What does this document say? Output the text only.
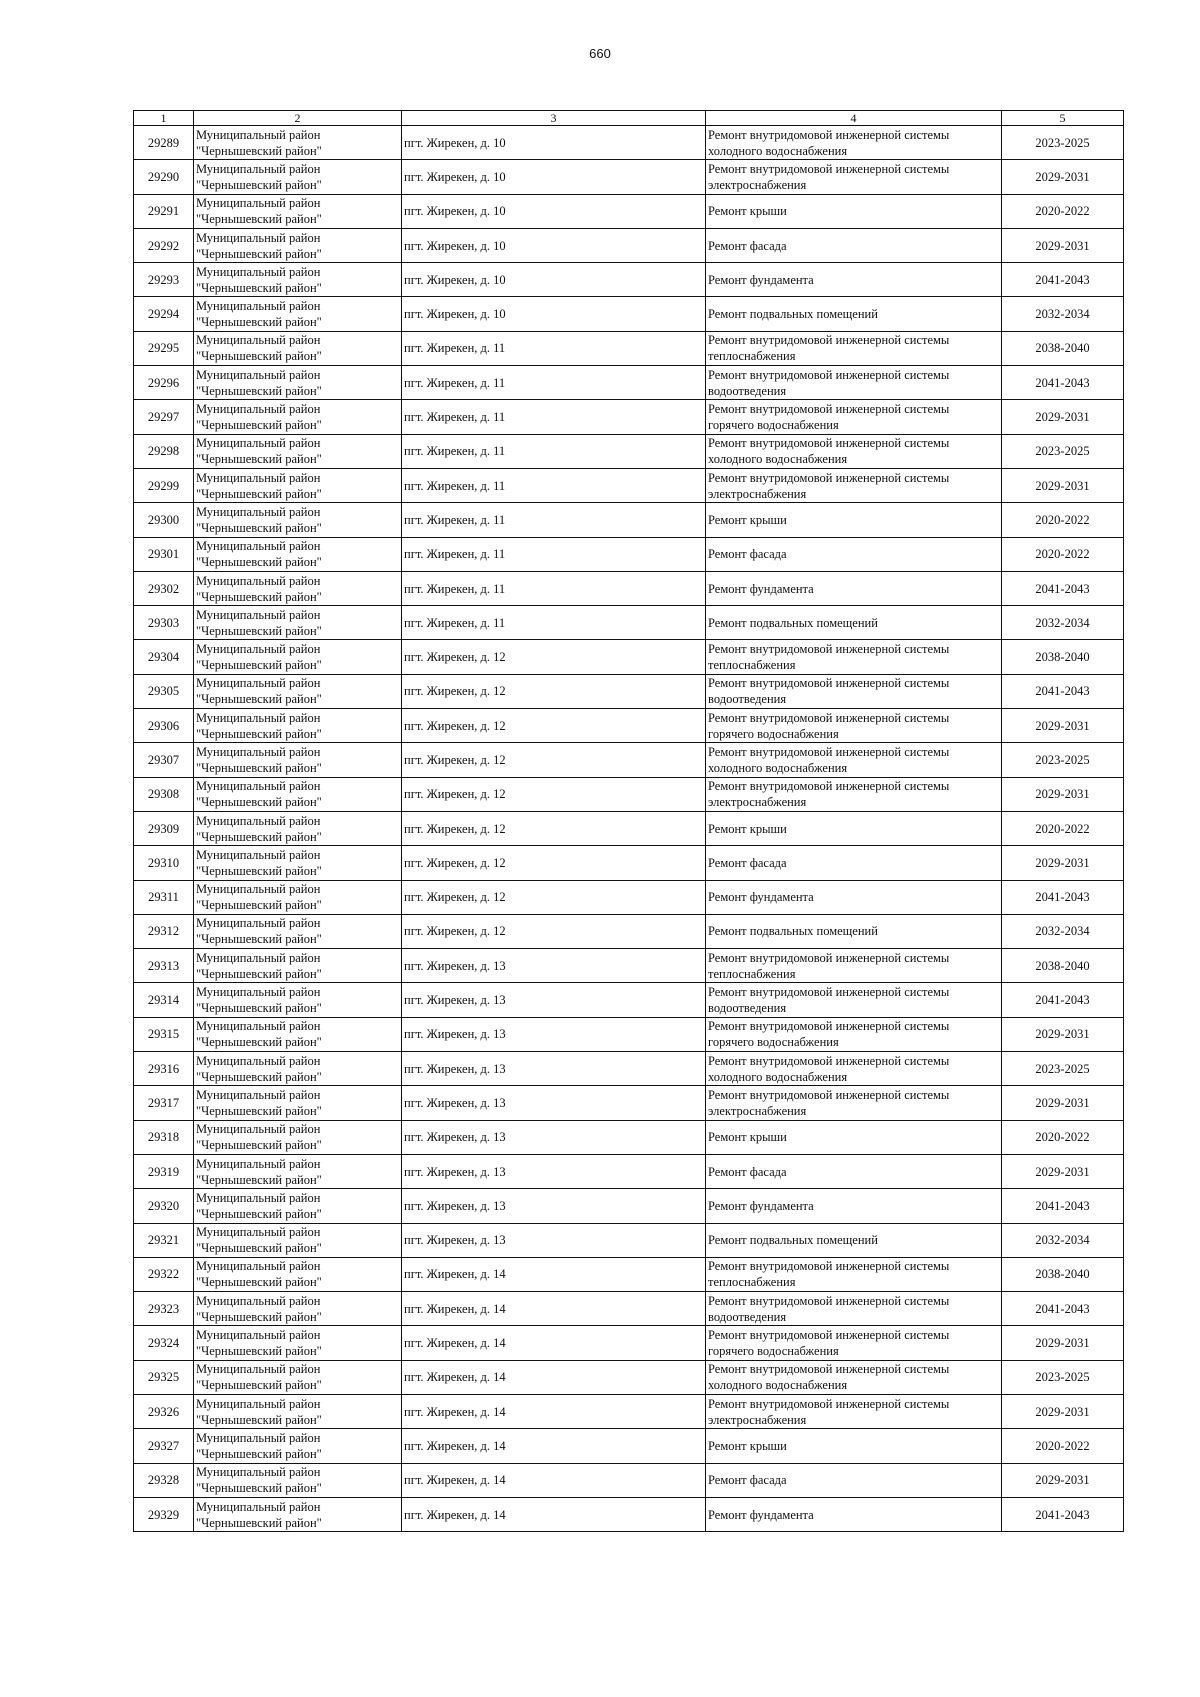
660
1	2	3	4	5
29289	Муниципальный район
"Чернышевский район"	пгт. Жирекен, д. 10	Ремонт внутридомовой инженерной системы
холодного водоснабжения	2023-2025
29290	Муниципальный район
"Чернышевский район"	пгт. Жирекен, д. 10	Ремонт внутридомовой инженерной системы
электроснабжения	2029-2031
29291	Муниципальный район
"Чернышевский район"	пгт. Жирекен, д. 10	Ремонт крыши	2020-2022
29292	Муниципальный район
"Чернышевский район"	пгт. Жирекен, д. 10	Ремонт фасада	2029-2031
29293	Муниципальный район
"Чернышевский район"	пгт. Жирекен, д. 10	Ремонт фундамента	2041-2043
29294	Муниципальный район
"Чернышевский район"	пгт. Жирекен, д. 10	Ремонт подвальных помещений	2032-2034
29295	Муниципальный район
"Чернышевский район"	пгт. Жирекен, д. 11	Ремонт внутридомовой инженерной системы
теплоснабжения	2038-2040
29296	Муниципальный район
"Чернышевский район"	пгт. Жирекен, д. 11	Ремонт внутридомовой инженерной системы
водоотведения	2041-2043
29297	Муниципальный район
"Чернышевский район"	пгт. Жирекен, д. 11	Ремонт внутридомовой инженерной системы
горячего водоснабжения	2029-2031
29298	Муниципальный район
"Чернышевский район"	пгт. Жирекен, д. 11	Ремонт внутридомовой инженерной системы
холодного водоснабжения	2023-2025
29299	Муниципальный район
"Чернышевский район"	пгт. Жирекен, д. 11	Ремонт внутридомовой инженерной системы
электроснабжения	2029-2031
29300	Муниципальный район
"Чернышевский район"	пгт. Жирекен, д. 11	Ремонт крыши	2020-2022
29301	Муниципальный район
"Чернышевский район"	пгт. Жирекен, д. 11	Ремонт фасада	2020-2022
29302	Муниципальный район
"Чернышевский район"	пгт. Жирекен, д. 11	Ремонт фундамента	2041-2043
29303	Муниципальный район
"Чернышевский район"	пгт. Жирекен, д. 11	Ремонт подвальных помещений	2032-2034
29304	Муниципальный район
"Чернышевский район"	пгт. Жирекен, д. 12	Ремонт внутридомовой инженерной системы
теплоснабжения	2038-2040
29305	Муниципальный район
"Чернышевский район"	пгт. Жирекен, д. 12	Ремонт внутридомовой инженерной системы
водоотведения	2041-2043
29306	Муниципальный район
"Чернышевский район"	пгт. Жирекен, д. 12	Ремонт внутридомовой инженерной системы
горячего водоснабжения	2029-2031
29307	Муниципальный район
"Чернышевский район"	пгт. Жирекен, д. 12	Ремонт внутридомовой инженерной системы
холодного водоснабжения	2023-2025
29308	Муниципальный район
"Чернышевский район"	пгт. Жирекен, д. 12	Ремонт внутридомовой инженерной системы
электроснабжения	2029-2031
29309	Муниципальный район
"Чернышевский район"	пгт. Жирекен, д. 12	Ремонт крыши	2020-2022
29310	Муниципальный район
"Чернышевский район"	пгт. Жирекен, д. 12	Ремонт фасада	2029-2031
29311	Муниципальный район
"Чернышевский район"	пгт. Жирекен, д. 12	Ремонт фундамента	2041-2043
29312	Муниципальный район
"Чернышевский район"	пгт. Жирекен, д. 12	Ремонт подвальных помещений	2032-2034
29313	Муниципальный район
"Чернышевский район"	пгт. Жирекен, д. 13	Ремонт внутридомовой инженерной системы
теплоснабжения	2038-2040
29314	Муниципальный район
"Чернышевский район"	пгт. Жирекен, д. 13	Ремонт внутридомовой инженерной системы
водоотведения	2041-2043
29315	Муниципальный район
"Чернышевский район"	пгт. Жирекен, д. 13	Ремонт внутридомовой инженерной системы
горячего водоснабжения	2029-2031
29316	Муниципальный район
"Чернышевский район"	пгт. Жирекен, д. 13	Ремонт внутридомовой инженерной системы
холодного водоснабжения	2023-2025
29317	Муниципальный район
"Чернышевский район"	пгт. Жирекен, д. 13	Ремонт внутридомовой инженерной системы
электроснабжения	2029-2031
29318	Муниципальный район
"Чернышевский район"	пгт. Жирекен, д. 13	Ремонт крыши	2020-2022
29319	Муниципальный район
"Чернышевский район"	пгт. Жирекен, д. 13	Ремонт фасада	2029-2031
29320	Муниципальный район
"Чернышевский район"	пгт. Жирекен, д. 13	Ремонт фундамента	2041-2043
29321	Муниципальный район
"Чернышевский район"	пгт. Жирекен, д. 13	Ремонт подвальных помещений	2032-2034
29322	Муниципальный район
"Чернышевский район"	пгт. Жирекен, д. 14	Ремонт внутридомовой инженерной системы
теплоснабжения	2038-2040
29323	Муниципальный район
"Чернышевский район"	пгт. Жирекен, д. 14	Ремонт внутридомовой инженерной системы
водоотведения	2041-2043
29324	Муниципальный район
"Чернышевский район"	пгт. Жирекен, д. 14	Ремонт внутридомовой инженерной системы
горячего водоснабжения	2029-2031
29325	Муниципальный район
"Чернышевский район"	пгт. Жирекен, д. 14	Ремонт внутридомовой инженерной системы
холодного водоснабжения	2023-2025
29326	Муниципальный район
"Чернышевский район"	пгт. Жирекен, д. 14	Ремонт внутридомовой инженерной системы
электроснабжения	2029-2031
29327	Муниципальный район
"Чернышевский район"	пгт. Жирекен, д. 14	Ремонт крыши	2020-2022
29328	Муниципальный район
"Чернышевский район"	пгт. Жирекен, д. 14	Ремонт фасада	2029-2031
29329	Муниципальный район
"Чернышевский район"	пгт. Жирекен, д. 14	Ремонт фундамента	2041-2043
